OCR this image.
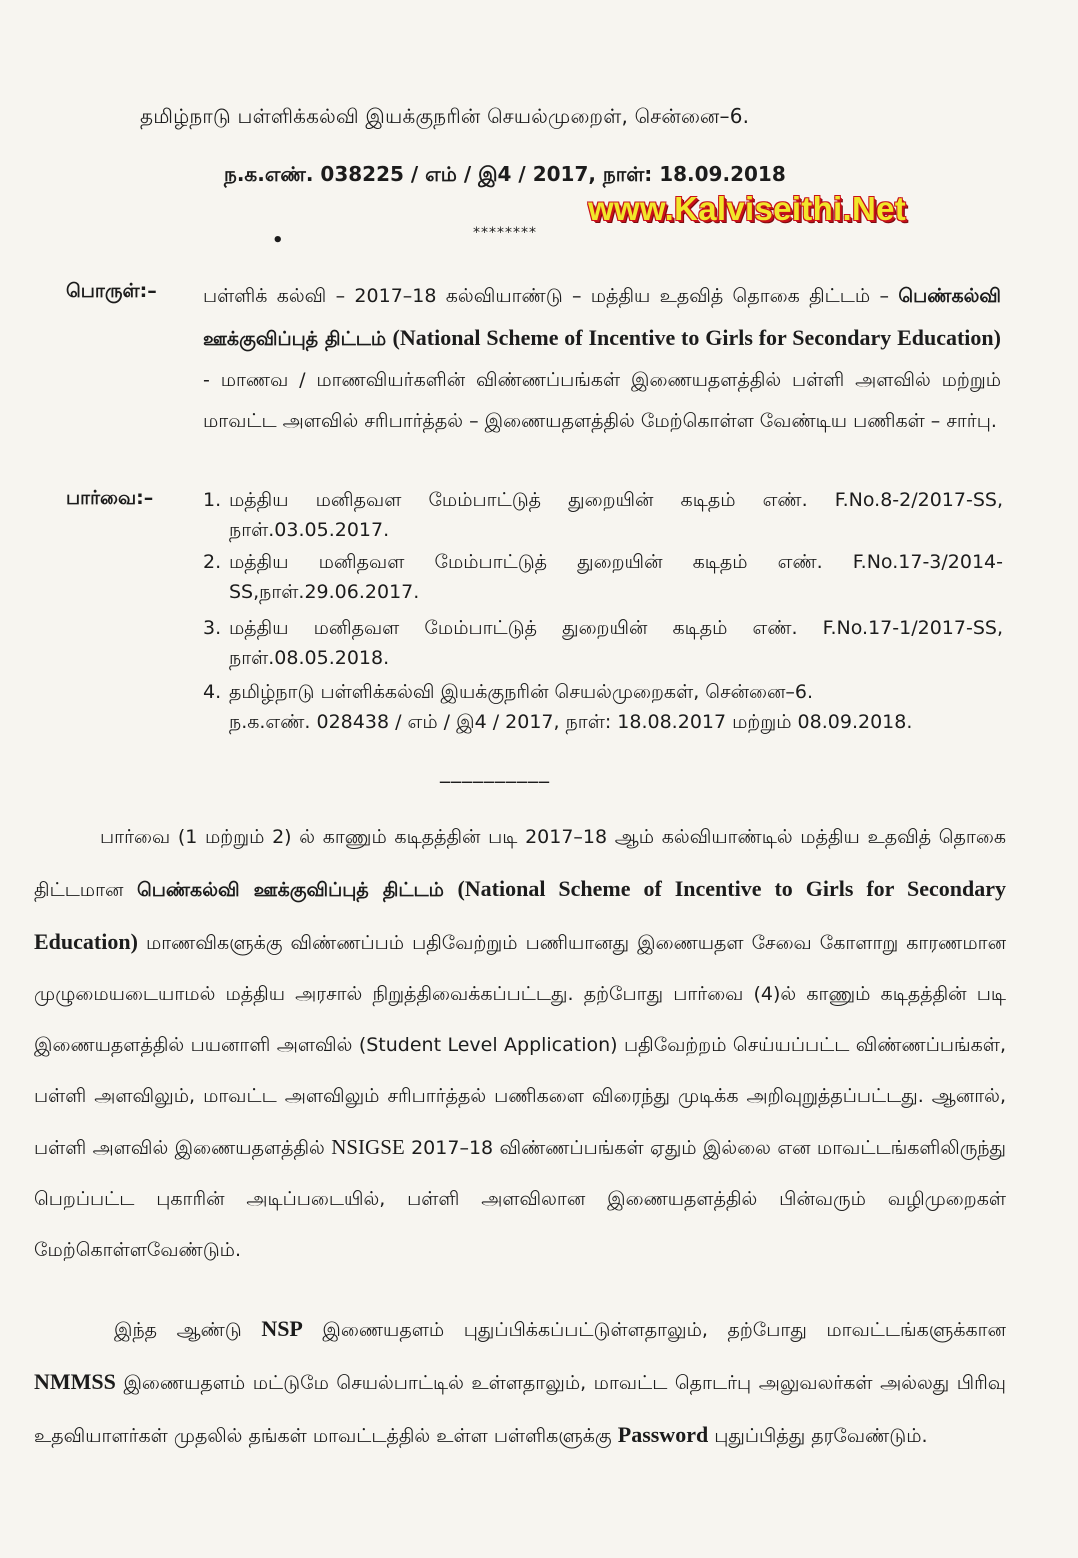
தமிழ்நாடு பள்ளிக்கல்வி இயக்குநரின் செயல்முறைள், சென்னை–6.
ந.க.எண். 038225 / எம் / இ4 / 2017, நாள்: 18.09.2018
•	********
www.Kalviseithi.Net
பொருள்:– பள்ளிக் கல்வி – 2017–18 கல்வியாண்டு – மத்திய உதவித் தொகை திட்டம் – பெண்கல்வி ஊக்குவிப்புத் திட்டம் (National Scheme of Incentive to Girls for Secondary Education) - மாணவ / மாணவியர்களின் விண்ணப்பங்கள் இணையதளத்தில் பள்ளி அளவில் மற்றும் மாவட்ட அளவில் சரிபார்த்தல் – இணையதளத்தில் மேற்கொள்ள வேண்டிய பணிகள் – சார்பு.
பார்வை:–	1. மத்திய மனிதவள மேம்பாட்டுத் துறையின் கடிதம் எண். F.No.8-2/2017-SS, நாள்.03.05.2017.
2. மத்திய மனிதவள மேம்பாட்டுத் துறையின் கடிதம் எண். F.No.17-3/2014-SS,நாள்.29.06.2017.
3. மத்திய மனிதவள மேம்பாட்டுத் துறையின் கடிதம் எண். F.No.17-1/2017-SS, நாள்.08.05.2018.
4. தமிழ்நாடு பள்ளிக்கல்வி இயக்குநரின் செயல்முறைகள், சென்னை–6.
ந.க.எண். 028438 / எம் / இ4 / 2017, நாள்: 18.08.2017 மற்றும் 08.09.2018.
__________
பார்வை (1 மற்றும் 2) ல் காணும் கடிதத்தின் படி 2017–18 ஆம் கல்வியாண்டில் மத்திய உதவித் தொகை திட்டமான பெண்கல்வி ஊக்குவிப்புத் திட்டம் (National Scheme of Incentive to Girls for Secondary Education) மாணவிகளுக்கு விண்ணப்பம் பதிவேற்றும் பணியானது இணையதள சேவை கோளாறு காரணமான முழுமையடையாமல் மத்திய அரசால் நிறுத்திவைக்கப்பட்டது. தற்போது பார்வை (4)ல் காணும் கடிதத்தின் படி இணையதளத்தில் பயனாளி அளவில் (Student Level Application) பதிவேற்றம் செய்யப்பட்ட விண்ணப்பங்கள், பள்ளி அளவிலும், மாவட்ட அளவிலும் சரிபார்த்தல் பணிகளை விரைந்து முடிக்க அறிவுறுத்தப்பட்டது. ஆனால், பள்ளி அளவில் இணையதளத்தில் NSIGSE 2017–18 விண்ணப்பங்கள் ஏதும் இல்லை என மாவட்டங்களிலிருந்து பெறப்பட்ட புகாரின் அடிப்படையில், பள்ளி அளவிலான இணையதளத்தில் பின்வரும் வழிமுறைகள் மேற்கொள்ளவேண்டும்.
இந்த ஆண்டு NSP இணையதளம் புதுப்பிக்கப்பட்டுள்ளதாலும், தற்போது மாவட்டங்களுக்கான NMMSS இணையதளம் மட்டுமே செயல்பாட்டில் உள்ளதாலும், மாவட்ட தொடர்பு அலுவலர்கள் அல்லது பிரிவு உதவியாளர்கள் முதலில் தங்கள் மாவட்டத்தில் உள்ள பள்ளிகளுக்கு Password புதுப்பித்து தரவேண்டும்.
